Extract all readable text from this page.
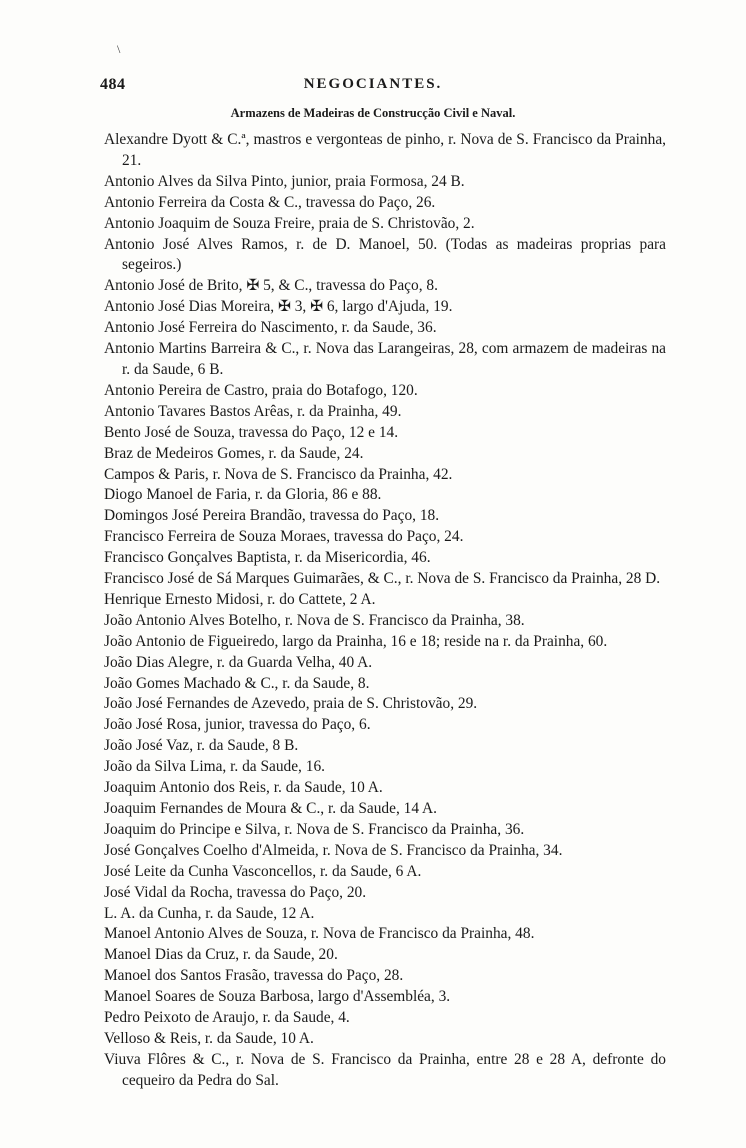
\
484	NEGOCIANTES.
Armazens de Madeiras de Construcção Civil e Naval.
Alexandre Dyott & C.ª, mastros e vergonteas de pinho, r. Nova de S. Francisco da Prainha, 21.
Antonio Alves da Silva Pinto, junior, praia Formosa, 24 B.
Antonio Ferreira da Costa & C., travessa do Paço, 26.
Antonio Joaquim de Souza Freire, praia de S. Christovão, 2.
Antonio José Alves Ramos, r. de D. Manoel, 50. (Todas as madeiras proprias para segeiros.)
Antonio José de Brito, ✠ 5, & C., travessa do Paço, 8.
Antonio José Dias Moreira, ✠ 3, ✠ 6, largo d'Ajuda, 19.
Antonio José Ferreira do Nascimento, r. da Saude, 36.
Antonio Martins Barreira & C., r. Nova das Larangeiras, 28, com armazem de madeiras na r. da Saude, 6 B.
Antonio Pereira de Castro, praia do Botafogo, 120.
Antonio Tavares Bastos Arêas, r. da Prainha, 49.
Bento José de Souza, travessa do Paço, 12 e 14.
Braz de Medeiros Gomes, r. da Saude, 24.
Campos & Paris, r. Nova de S. Francisco da Prainha, 42.
Diogo Manoel de Faria, r. da Gloria, 86 e 88.
Domingos José Pereira Brandão, travessa do Paço, 18.
Francisco Ferreira de Souza Moraes, travessa do Paço, 24.
Francisco Gonçalves Baptista, r. da Misericordia, 46.
Francisco José de Sá Marques Guimarães, & C., r. Nova de S. Francisco da Prainha, 28 D.
Henrique Ernesto Midosi, r. do Cattete, 2 A.
João Antonio Alves Botelho, r. Nova de S. Francisco da Prainha, 38.
João Antonio de Figueiredo, largo da Prainha, 16 e 18; reside na r. da Prainha, 60.
João Dias Alegre, r. da Guarda Velha, 40 A.
João Gomes Machado & C., r. da Saude, 8.
João José Fernandes de Azevedo, praia de S. Christovão, 29.
João José Rosa, junior, travessa do Paço, 6.
João José Vaz, r. da Saude, 8 B.
João da Silva Lima, r. da Saude, 16.
Joaquim Antonio dos Reis, r. da Saude, 10 A.
Joaquim Fernandes de Moura & C., r. da Saude, 14 A.
Joaquim do Principe e Silva, r. Nova de S. Francisco da Prainha, 36.
José Gonçalves Coelho d'Almeida, r. Nova de S. Francisco da Prainha, 34.
José Leite da Cunha Vasconcellos, r. da Saude, 6 A.
José Vidal da Rocha, travessa do Paço, 20.
L. A. da Cunha, r. da Saude, 12 A.
Manoel Antonio Alves de Souza, r. Nova de Francisco da Prainha, 48.
Manoel Dias da Cruz, r. da Saude, 20.
Manoel dos Santos Frasão, travessa do Paço, 28.
Manoel Soares de Souza Barbosa, largo d'Assembléa, 3.
Pedro Peixoto de Araujo, r. da Saude, 4.
Velloso & Reis, r. da Saude, 10 A.
Viuva Flôres & C., r. Nova de S. Francisco da Prainha, entre 28 e 28 A, defronte do cequeiro da Pedra do Sal.
